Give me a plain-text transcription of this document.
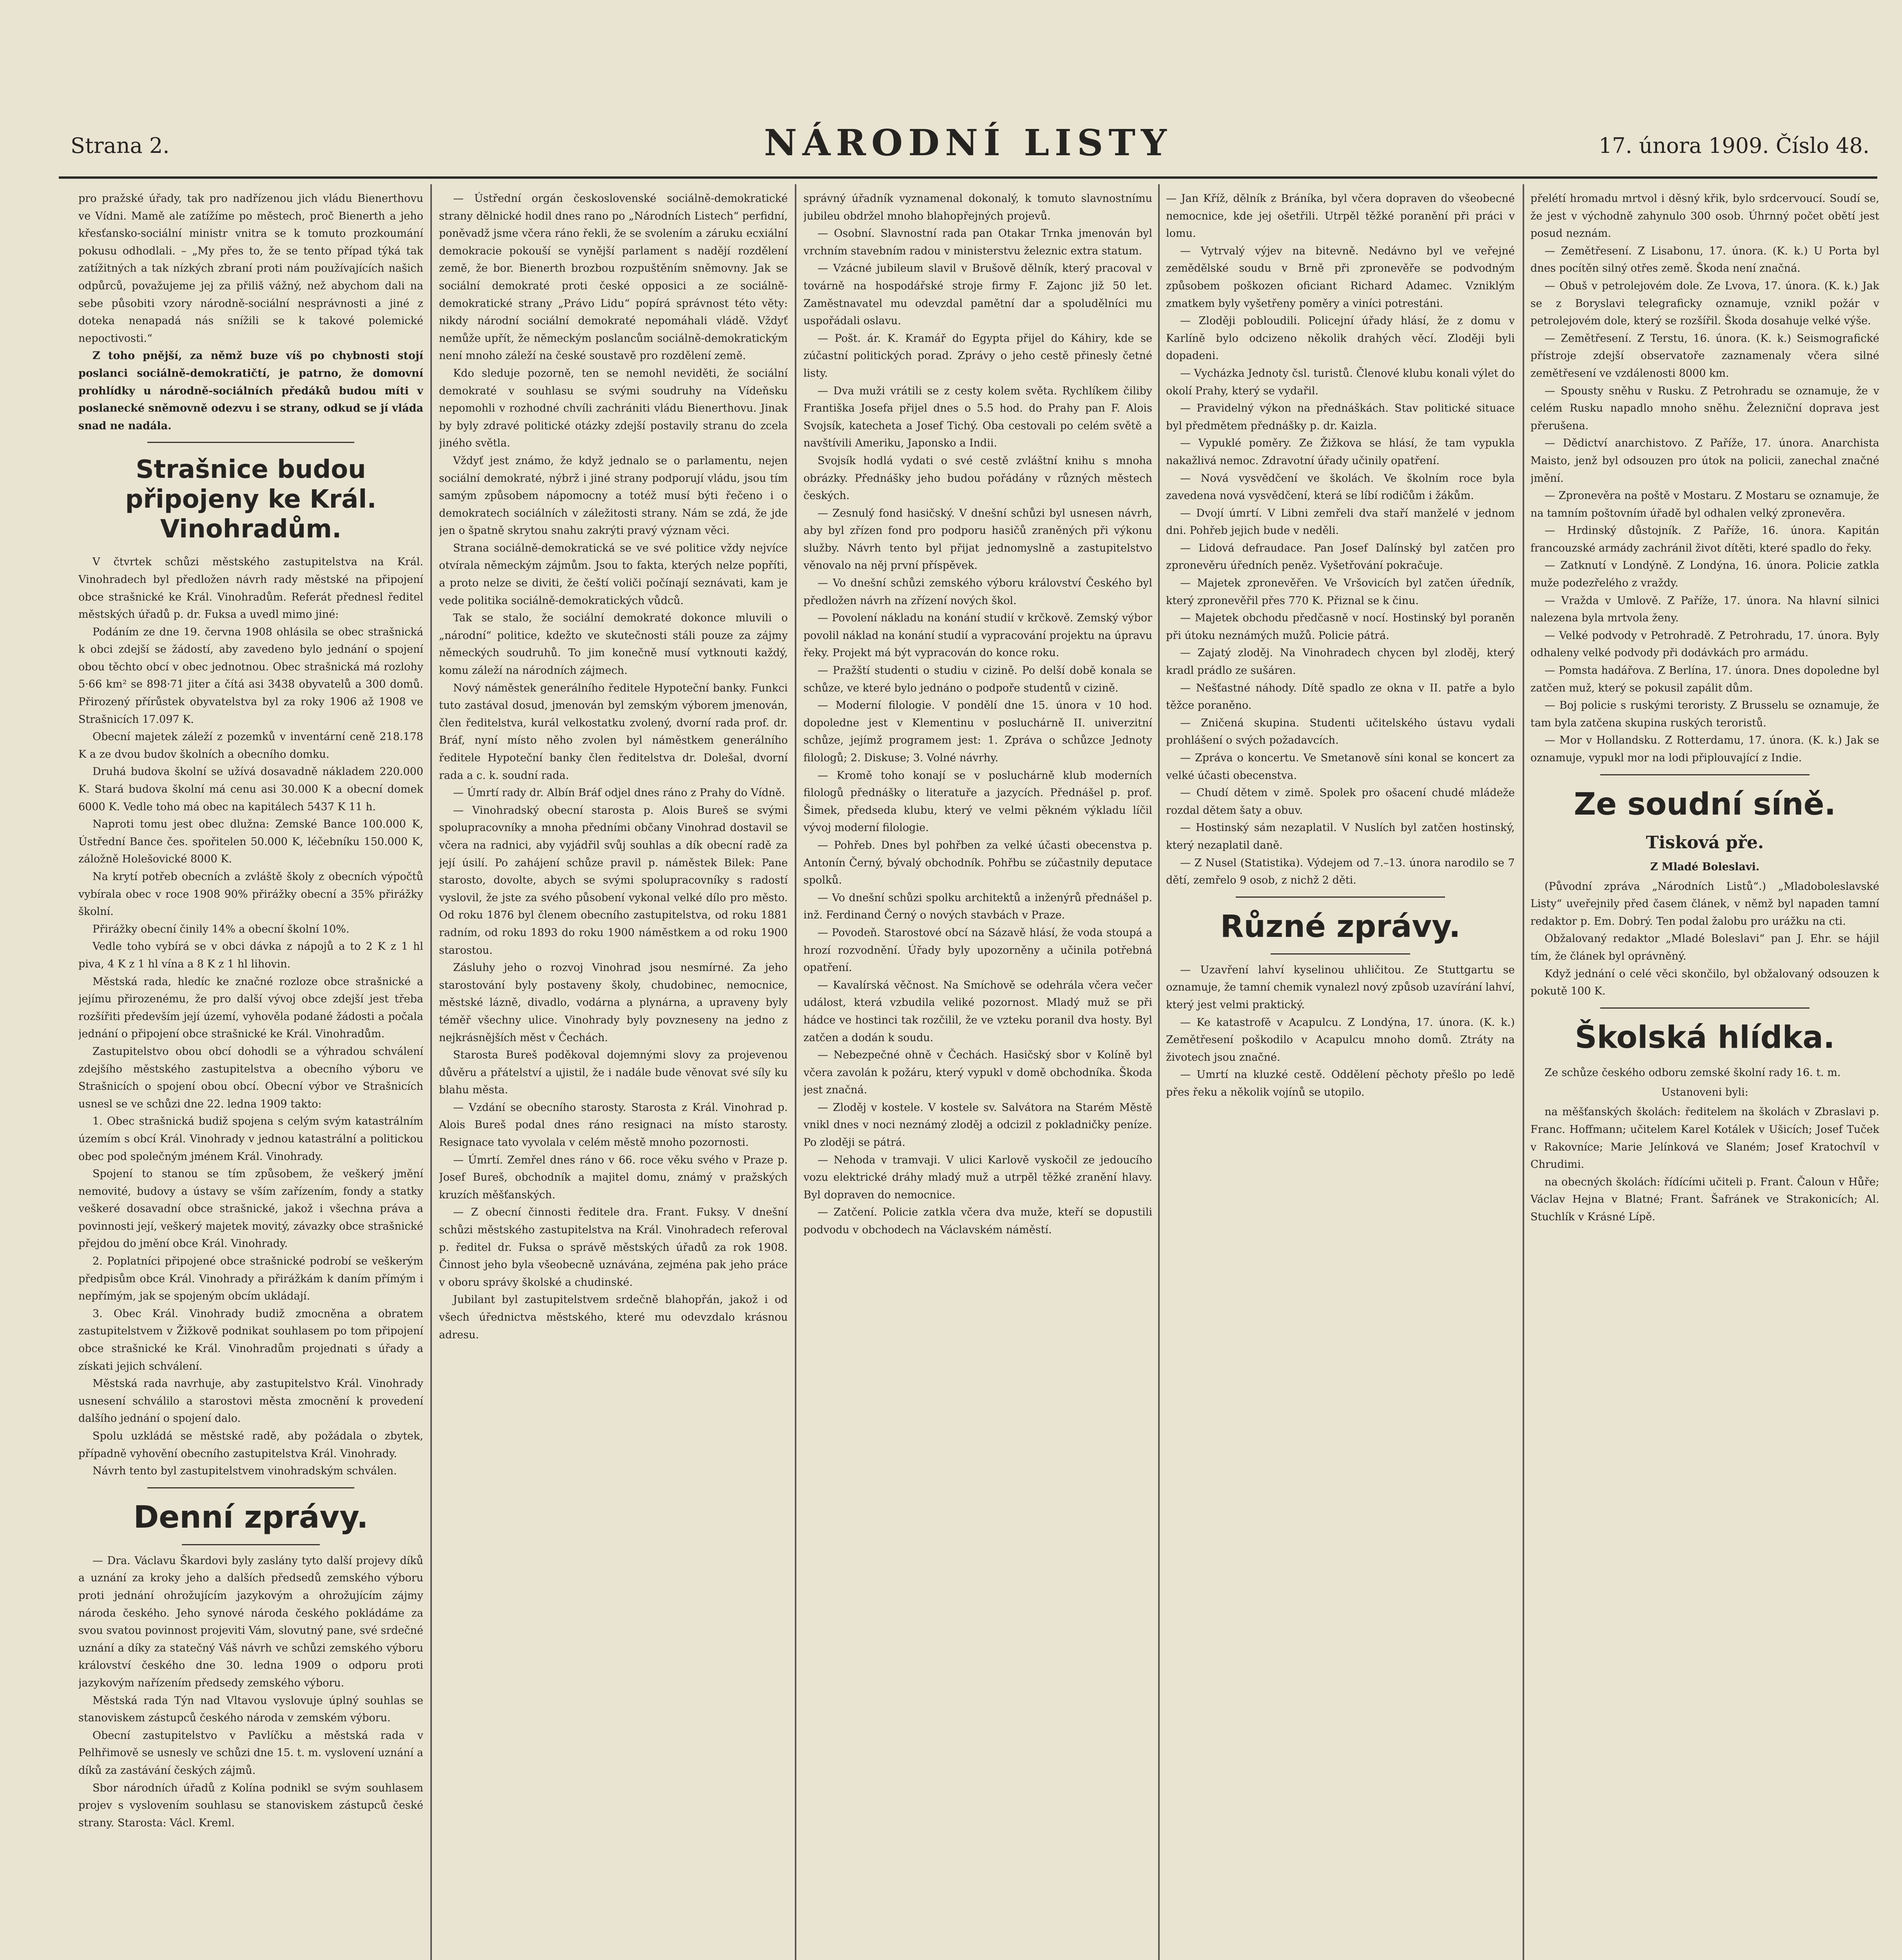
Strana 2.	NÁRODNÍ LISTY	17. února 1909. Číslo 48.

pro pražské úřady, tak pro nadřízenou jich vládu Bienerthovu ve Vídni. Mamě ale zatížíme po městech, proč Bienerth a jeho křesťansko-sociální ministr vnitra se k tomuto prozkoumání pokusu odhodlali. – „My přes to, že se tento případ týká tak zatížitných a tak nízkých zbraní proti nám používajících našich odpůrců, považujeme jej za přiliš vážný, než abychom dali na sebe působiti vzory národně-sociální nesprávnosti a jiné z doteka nenapadá nás snížili se k takové polemické nepoctivosti.“

Z toho pnější, za němž buze víš po chybnosti stojí poslanci sociálně-demokratičtí, je patrno, že domovní prohlídky u národně-sociálních předáků budou míti v poslanecké sněmovně odezvu i se strany, odkud se jí vláda snad ne nadála.

Strašnice budou připojeny ke Král. Vinohradům.

V čtvrtek schůzi městského zastupitelstva na Král. Vinohradech byl předložen návrh rady městské na připojení obce strašnické ke Král. Vinohradům. Referát přednesl ředitel městských úřadů p. dr. Fuksa a uvedl mimo jiné:

Podáním ze dne 19. června 1908 ohlásila se obec strašnická k obci zdejší se žádostí, aby zavedeno bylo jednání o spojení obou těchto obcí v obec jednotnou. Obec strašnická má rozlohy 5·66 km² se 898·71 jiter a čítá asi 3438 obyvatelů a 300 domů. Přirozený přírůstek obyvatelstva byl za roky 1906 až 1908 ve Strašnicích 17.097 K.

Obecní majetek záleží z pozemků v inventární ceně 218.178 K a ze dvou budov školních a obecního domku.

Druhá budova školní se užívá dosavadně nákladem 220.000 K. Stará budova školní má cenu asi 30.000 K a obecní domek 6000 K. Vedle toho má obec na kapitálech 5437 K 11 h.

Naproti tomu jest obec dlužna: Zemské Bance 100.000 K, Ústřední Bance čes. spořitelen 50.000 K, léčebníku 150.000 K, záložně Holešovické 8000 K.

Na krytí potřeb obecních a zvláště školy z obecních výpočtů vybírala obec v roce 1908 90% přirážky obecní a 35% přirážky školní.

Přirážky obecní činily 14% a obecní školní 10%.

Vedle toho vybírá se v obci dávka z nápojů a to 2 K z 1 hl piva, 4 K z 1 hl vína a 8 K z 1 hl lihovin.

Městská rada, hledíc ke značné rozloze obce strašnické a jejímu přirozenému, že pro další vývoj obce zdejší jest třeba rozšířiti především její území, vyhověla podané žádosti a počala jednání o připojení obce strašnické ke Král. Vinohradům.

Zastupitelstvo obou obcí dohodli se a výhradou schválení zdejšího městského zastupitelstva a obecního výboru ve Strašnicích o spojení obou obcí. Obecní výbor ve Strašnicích usnesl se ve schůzi dne 22. ledna 1909 takto:

1. Obec strašnická budiž spojena s celým svým katastrálním územím s obcí Král. Vinohrady v jednou katastrální a politickou obec pod společným jménem Král. Vinohrady.

Spojení to stanou se tím způsobem, že veškerý jmění nemovité, budovy a ústavy se vším zařízením, fondy a statky veškeré dosavadní obce strašnické, jakož i všechna práva a povinnosti její, veškerý majetek movitý, závazky obce strašnické přejdou do jmění obce Král. Vinohrady.

2. Poplatníci připojené obce strašnické podrobí se veškerým předpisům obce Král. Vinohrady a přirážkám k daním přímým i nepřímým, jak se spojeným obcím ukládají.

3. Obec Král. Vinohrady budiž zmocněna a obratem zastupitelstvem v Žižkově podnikat souhlasem po tom připojení obce strašnické ke Král. Vinohradům projednati s úřady a získati jejich schválení.

Městská rada navrhuje, aby zastupitelstvo Král. Vinohrady usnesení schválilo a starostovi města zmocnění k provedení dalšího jednání o spojení dalo.

Spolu uzkládá se městské radě, aby požádala o zbytek, případně vyhovění obecního zastupitelstva Král. Vinohrady.

Návrh tento byl zastupitelstvem vinohradským schválen.

Denní zprávy.

— Dra. Václavu Škardovi byly zaslány tyto další projevy díků a uznání za kroky jeho a dalších předsedů zemského výboru proti jednání ohrožujícím jazykovým a ohrožujícím zájmy národa českého. Jeho synové národa českého pokládáme za svou svatou povinnost projeviti Vám, slovutný pane, své srdečné uznání a díky za statečný Váš návrh ve schůzi zemského výboru království českého dne 30. ledna 1909 o odporu proti jazykovým nařízením předsedy zemského výboru.

Městská rada Týn nad Vltavou vyslovuje úplný souhlas se stanoviskem zástupců českého národa v zemském výboru.

Obecní zastupitelstvo v Pavlíčku a městská rada v Pelhřimově se usnesly ve schůzi dne 15. t. m. vyslovení uznání a díků za zastávání českých zájmů.

Sbor národních úřadů z Kolína podnikl se svým souhlasem projev s vyslovením souhlasu se stanoviskem zástupců české strany. Starosta: Václ. Kreml.

— Ústřední orgán československé sociálně-demokratické strany dělnické hodil dnes rano po „Národních Listech“ perfidní, poněvadž jsme včera ráno řekli, že se svolením a záruku ecxiální demokracie pokouší se vynější parlament s nadějí rozdělení země, že bor. Bienerth brozbou rozpuštěním sněmovny. Jak se sociální demokraté proti české opposici a ze sociálně-demokratické strany „Právo Lidu“ popírá správnost této věty: nikdy národní sociální demokraté nepomáhali vládě. Vždyť nemůže upřít, že německým poslancům sociálně-demokratickým není mnoho záleží na české soustavě pro rozdělení země.

Kdo sleduje pozorně, ten se nemohl neviděti, že sociální demokraté v souhlasu se svými soudruhy na Vídeňsku nepomohli v rozhodné chvíli zachrániti vládu Bienerthovu. Jinak by byly zdravé politické otázky zdejší postavily stranu do zcela jiného světla.

Vždyť jest známo, že když jednalo se o parlamentu, nejen sociální demokraté, nýbrž i jiné strany podporují vládu, jsou tím samým způsobem nápomocny a totéž musí býti řečeno i o demokratech sociálních v záležitosti strany. Nám se zdá, že jde jen o špatně skrytou snahu zakrýti pravý význam věci.

Strana sociálně-demokratická se ve své politice vždy nejvíce otvírala německým zájmům. Jsou to fakta, kterých nelze popříti, a proto nelze se diviti, že čeští voliči počínají seznávati, kam je vede politika sociálně-demokratických vůdců.

Tak se stalo, že sociální demokraté dokonce mluvili o „národní“ politice, kdežto ve skutečnosti stáli pouze za zájmy německých soudruhů. To jim konečně musí vytknouti každý, komu záleží na národních zájmech.

Nový náměstek generálního ředitele Hypoteční banky. Funkci tuto zastával dosud, jmenován byl zemským výborem jmenován, člen ředitelstva, kurál velkostatku zvolený, dvorní rada prof. dr. Bráf, nyní místo něho zvolen byl náměstkem generálního ředitele Hypoteční banky člen ředitelstva dr. Dolešal, dvorní rada a c. k. soudní rada.

— Úmrtí rady dr. Albín Bráf odjel dnes ráno z Prahy do Vídně.

— Vinohradský obecní starosta p. Alois Bureš se svými spolupracovníky a mnoha předními občany Vinohrad dostavil se včera na radnici, aby vyjádřil svůj souhlas a dík obecní radě za její úsilí. Po zahájení schůze pravil p. náměstek Bilek: Pane starosto, dovolte, abych se svými spolupracovníky s radostí vyslovil, že jste za svého působení vykonal velké dílo pro město. Od roku 1876 byl členem obecního zastupitelstva, od roku 1881 radním, od roku 1893 do roku 1900 náměstkem a od roku 1900 starostou.

Zásluhy jeho o rozvoj Vinohrad jsou nesmírné. Za jeho starostování byly postaveny školy, chudobinec, nemocnice, městské lázně, divadlo, vodárna a plynárna, a upraveny byly téměř všechny ulice. Vinohrady byly povzneseny na jedno z nejkrásnějších měst v Čechách.

Starosta Bureš poděkoval dojemnými slovy za projevenou důvěru a přátelství a ujistil, že i nadále bude věnovat své síly ku blahu města.

— Vzdání se obecního starosty. Starosta z Král. Vinohrad p. Alois Bureš podal dnes ráno resignaci na místo starosty. Resignace tato vyvolala v celém městě mnoho pozornosti.

— Úmrtí. Zemřel dnes ráno v 66. roce věku svého v Praze p. Josef Bureš, obchodník a majitel domu, známý v pražských kruzích měšťanských.

— Z obecní činnosti ředitele dra. Frant. Fuksy. V dnešní schůzi městského zastupitelstva na Král. Vinohradech referoval p. ředitel dr. Fuksa o správě městských úřadů za rok 1908. Činnost jeho byla všeobecně uznávána, zejména pak jeho práce v oboru správy školské a chudinské.

Jubilant byl zastupitelstvem srdečně blahopřán, jakož i od všech úřednictva městského, které mu odevzdalo krásnou adresu.

správný úřadník vyznamenal dokonalý, k tomuto slavnostnímu jubileu obdržel mnoho blahopřejných projevů.

— Osobní. Slavnostní rada pan Otakar Trnka jmenován byl vrchním stavebním radou v ministerstvu železnic extra statum.

— Vzácné jubileum slavil v Brušově dělník, který pracoval v továrně na hospodářské stroje firmy F. Zajonc již 50 let. Zaměstnavatel mu odevzdal pamětní dar a spoludělníci mu uspořádali oslavu.

— Pošt. ár. K. Kramář do Egypta přijel do Káhiry, kde se zúčastní politických porad. Zprávy o jeho cestě přinesly četné listy.

— Dva muži vrátili se z cesty kolem světa. Rychlíkem čiliby Františka Josefa přijel dnes o 5.5 hod. do Prahy pan F. Alois Svojsík, katecheta a Josef Tichý. Oba cestovali po celém světě a navštívili Ameriku, Japonsko a Indii.

Svojsík hodlá vydati o své cestě zvláštní knihu s mnoha obrázky. Přednášky jeho budou pořádány v různých městech českých.

— Zesnulý fond hasičský. V dnešní schůzi byl usnesen návrh, aby byl zřízen fond pro podporu hasičů zraněných při výkonu služby. Návrh tento byl přijat jednomyslně a zastupitelstvo věnovalo na něj první příspěvek.

— Vo dnešní schůzi zemského výboru království Českého byl předložen návrh na zřízení nových škol.

— Povolení nákladu na konání studií v krčkově. Zemský výbor povolil náklad na konání studií a vypracování projektu na úpravu řeky. Projekt má být vypracován do konce roku.

— Pražští studenti o studiu v cizině. Po delší době konala se schůze, ve které bylo jednáno o podpoře studentů v cizině.

— Moderní filologie. V pondělí dne 15. února v 10 hod. dopoledne jest v Klementinu v posluchárně II. univerzitní schůze, jejímž programem jest: 1. Zpráva o schůzce Jednoty filologů; 2. Diskuse; 3. Volné návrhy.

— Kromě toho konají se v posluchárně klub moderních filologů přednášky o literatuře a jazycích. Přednášel p. prof. Šimek, předseda klubu, který ve velmi pěkném výkladu líčil vývoj moderní filologie.

— Pohřeb. Dnes byl pohřben za velké účasti obecenstva p. Antonín Černý, bývalý obchodník. Pohřbu se zúčastnily deputace spolků.

— Vo dnešní schůzi spolku architektů a inženýrů přednášel p. inž. Ferdinand Černý o nových stavbách v Praze.

— Povodeň. Starostové obcí na Sázavě hlásí, že voda stoupá a hrozí rozvodnění. Úřady byly upozorněny a učinila potřebná opatření.

— Kavalírská věčnost. Na Smíchově se odehrála včera večer událost, která vzbudila veliké pozornost. Mladý muž se při hádce ve hostinci tak rozčilil, že ve vzteku poranil dva hosty. Byl zatčen a dodán k soudu.

— Nebezpečné ohně v Čechách. Hasičský sbor v Kolíně byl včera zavolán k požáru, který vypukl v domě obchodníka. Škoda jest značná.

— Zloděj v kostele. V kostele sv. Salvátora na Starém Městě vnikl dnes v noci neznámý zloděj a odcizil z pokladničky peníze. Po zloději se pátrá.

— Nehoda v tramvaji. V ulici Karlově vyskočil ze jedoucího vozu elektrické dráhy mladý muž a utrpěl těžké zranění hlavy. Byl dopraven do nemocnice.

— Zatčení. Policie zatkla včera dva muže, kteří se dopustili podvodu v obchodech na Václavském náměstí.

— Jan Kříž, dělník z Bráníka, byl včera dopraven do všeobecné nemocnice, kde jej ošetřili. Utrpěl těžké poranění při práci v lomu.

— Vytrvalý výjev na bitevně. Nedávno byl ve veřejné zemědělské soudu v Brně při zpronevěře se podvodným způsobem poškozen oficiant Richard Adamec. Vzniklým zmatkem byly vyšetřeny poměry a viníci potrestáni.

— Zloději pobloudili. Policejní úřady hlásí, že z domu v Karlíně bylo odcizeno několik drahých věcí. Zloději byli dopadeni.

— Vycházka Jednoty čsl. turistů. Členové klubu konali výlet do okolí Prahy, který se vydařil.

— Pravidelný výkon na přednáškách. Stav politické situace byl předmětem přednášky p. dr. Kaizla.

— Vypuklé poměry. Ze Žižkova se hlásí, že tam vypukla nakažlivá nemoc. Zdravotní úřady učinily opatření.

— Nová vysvědčení ve školách. Ve školním roce byla zavedena nová vysvědčení, která se líbí rodičům i žákům.

— Dvojí úmrtí. V Libni zemřeli dva staří manželé v jednom dni. Pohřeb jejich bude v neděli.

— Lidová defraudace. Pan Josef Dalínský byl zatčen pro zpronevěru úředních peněz. Vyšetřování pokračuje.

— Majetek zpronevěřen. Ve Vršovicích byl zatčen úředník, který zpronevěřil přes 770 K. Přiznal se k činu.

— Majetek obchodu předčasně v nocí. Hostinský byl poraněn při útoku neznámých mužů. Policie pátrá.

— Zajatý zloděj. Na Vinohradech chycen byl zloděj, který kradl prádlo ze sušáren.

— Nešťastné náhody. Dítě spadlo ze okna v II. patře a bylo těžce poraněno.

— Zničená skupina. Studenti učitelského ústavu vydali prohlášení o svých požadavcích.

— Zpráva o koncertu. Ve Smetanově síni konal se koncert za velké účasti obecenstva.

— Chudí dětem v zimě. Spolek pro ošacení chudé mládeže rozdal dětem šaty a obuv.

— Hostinský sám nezaplatil. V Nuslích byl zatčen hostinský, který nezaplatil daně.

— Z Nusel (Statistika). Výdejem od 7.–13. února narodilo se 7 dětí, zemřelo 9 osob, z nichž 2 děti.

Různé zprávy.

— Uzavření lahví kyselinou uhličitou. Ze Stuttgartu se oznamuje, že tamní chemik vynalezl nový způsob uzavírání lahví, který jest velmi praktický.

— Ke katastrofě v Acapulcu. Z Londýna, 17. února. (K. k.) Zemětřesení poškodilo v Acapulcu mnoho domů. Ztráty na životech jsou značné.

— Umrtí na kluzké cestě. Oddělení pěchoty přešlo po ledě přes řeku a několik vojínů se utopilo.

přelétí hromadu mrtvol i děsný křik, bylo srdcervoucí. Soudí se, že jest v východně zahynulo 300 osob. Úhrnný počet obětí jest posud neznám.

— Zemětřesení. Z Lisabonu, 17. února. (K. k.) U Porta byl dnes pocítěn silný otřes země. Škoda není značná.

— Obuš v petrolejovém dole. Ze Lvova, 17. února. (K. k.) Jak se z Boryslavi telegraficky oznamuje, vznikl požár v petrolejovém dole, který se rozšířil. Škoda dosahuje velké výše.

— Zemětřesení. Z Terstu, 16. února. (K. k.) Seismografické přístroje zdejší observatoře zaznamenaly včera silné zemětřesení ve vzdálenosti 8000 km.

— Spousty sněhu v Rusku. Z Petrohradu se oznamuje, že v celém Rusku napadlo mnoho sněhu. Železniční doprava jest přerušena.

— Dědictví anarchistovo. Z Paříže, 17. února. Anarchista Maisto, jenž byl odsouzen pro útok na policii, zanechal značné jmění.

— Zpronevěra na poště v Mostaru. Z Mostaru se oznamuje, že na tamním poštovním úřadě byl odhalen velký zpronevěra.

— Hrdinský důstojník. Z Paříže, 16. února. Kapitán francouzské armády zachránil život dítěti, které spadlo do řeky.

— Zatknutí v Londýně. Z Londýna, 16. února. Policie zatkla muže podezřelého z vraždy.

— Vražda v Umlově. Z Paříže, 17. února. Na hlavní silnici nalezena byla mrtvola ženy.

— Velké podvody v Petrohradě. Z Petrohradu, 17. února. Byly odhaleny velké podvody při dodávkách pro armádu.

— Pomsta hadářova. Z Berlína, 17. února. Dnes dopoledne byl zatčen muž, který se pokusil zapálit dům.

— Boj policie s ruskými teroristy. Z Brusselu se oznamuje, že tam byla zatčena skupina ruských teroristů.

— Mor v Hollandsku. Z Rotterdamu, 17. února. (K. k.) Jak se oznamuje, vypukl mor na lodi připlouvající z Indie.

Ze soudní síně.
Tisková pře.
Z Mladé Boleslavi.

(Původní zpráva „Národních Listů“.) „Mladoboleslavské Listy“ uveřejnily před časem článek, v němž byl napaden tamní redaktor p. Em. Dobrý. Ten podal žalobu pro urážku na cti.

Obžalovaný redaktor „Mladé Boleslavi“ pan J. Ehr. se hájil tím, že článek byl oprávněný.

Když jednání o celé věci skončilo, byl obžalovaný odsouzen k pokutě 100 K.

Školská hlídka.

Ze schůze českého odboru zemské školní rady 16. t. m.

Ustanoveni byli:

na měšťanských školách: ředitelem na školách v Zbraslavi p. Franc. Hoffmann; učitelem Karel Kotálek v Ušicích; Josef Tuček v Rakovníce; Marie Jelínková ve Slaném; Josef Kratochvíl v Chrudimi.

na obecných školách: řídícími učiteli p. Frant. Čaloun v Hůře; Václav Hejna v Blatné; Frant. Šafránek ve Strakonicích; Al. Stuchlík v Krásné Lípě.
